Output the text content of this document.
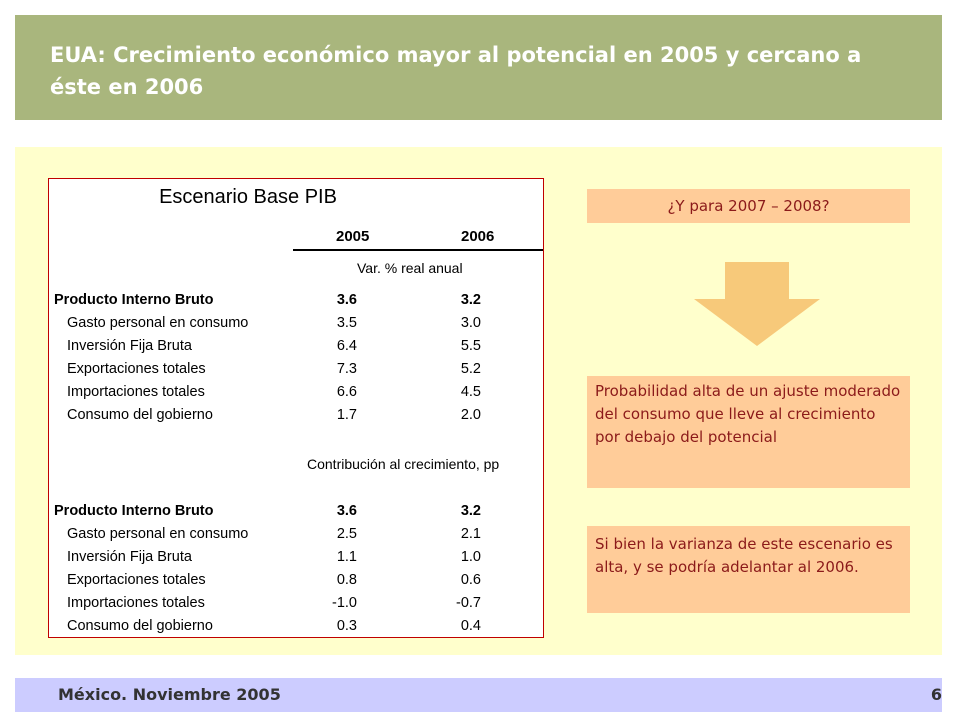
EUA: Crecimiento económico mayor al potencial en 2005 y cercano a éste en 2006
Escenario Base PIB
2005	2006
Var. % real anual
Producto Interno Bruto	3.6	3.2
Gasto personal en consumo	3.5	3.0
Inversión Fija Bruta	6.4	5.5
Exportaciones totales	7.3	5.2
Importaciones totales	6.6	4.5
Consumo del gobierno	1.7	2.0
Contribución al crecimiento, pp
Producto Interno Bruto	3.6	3.2
Gasto personal en consumo	2.5	2.1
Inversión Fija Bruta	1.1	1.0
Exportaciones totales	0.8	0.6
Importaciones totales	-1.0	-0.7
Consumo del gobierno	0.3	0.4
¿Y para 2007 – 2008?
Probabilidad alta de un ajuste moderado del consumo que lleve al crecimiento por debajo del potencial
Si bien la varianza de este escenario es alta, y se podría adelantar al 2006.
México. Noviembre 2005	6
